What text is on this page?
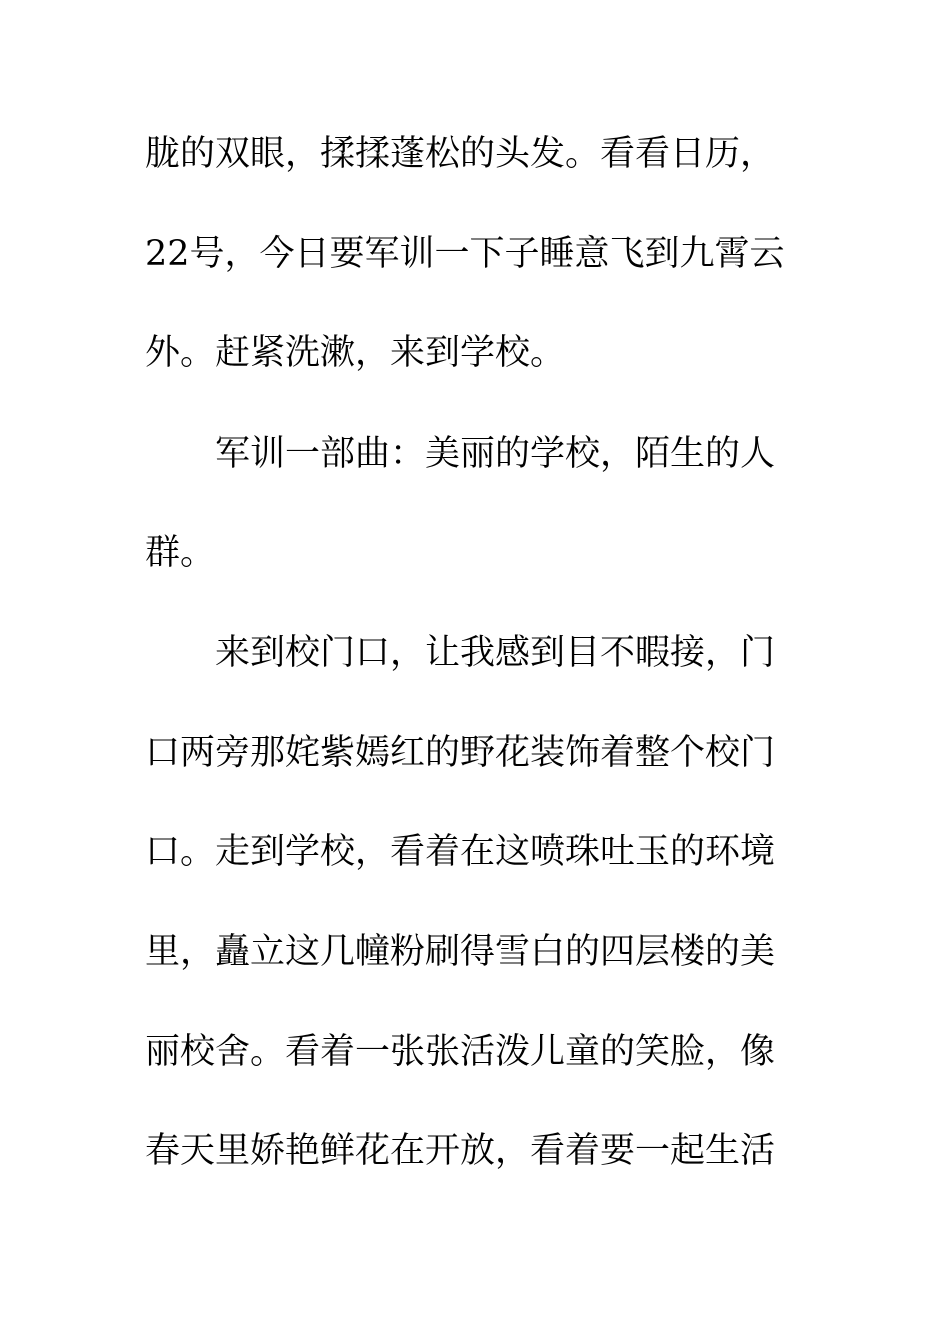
胧的双眼，揉揉蓬松的头发。看看日历，
22号，今日要军训一下子睡意飞到九霄云
外。赶紧洗漱，来到学校。
军训一部曲：美丽的学校，陌生的人
群。
来到校门口，让我感到目不暇接，门
口两旁那姹紫嫣红的野花装饰着整个校门
口。走到学校，看着在这喷珠吐玉的环境
里，矗立这几幢粉刷得雪白的四层楼的美
丽校舍。看着一张张活泼儿童的笑脸，像
春天里娇艳鲜花在开放，看着要一起生活
